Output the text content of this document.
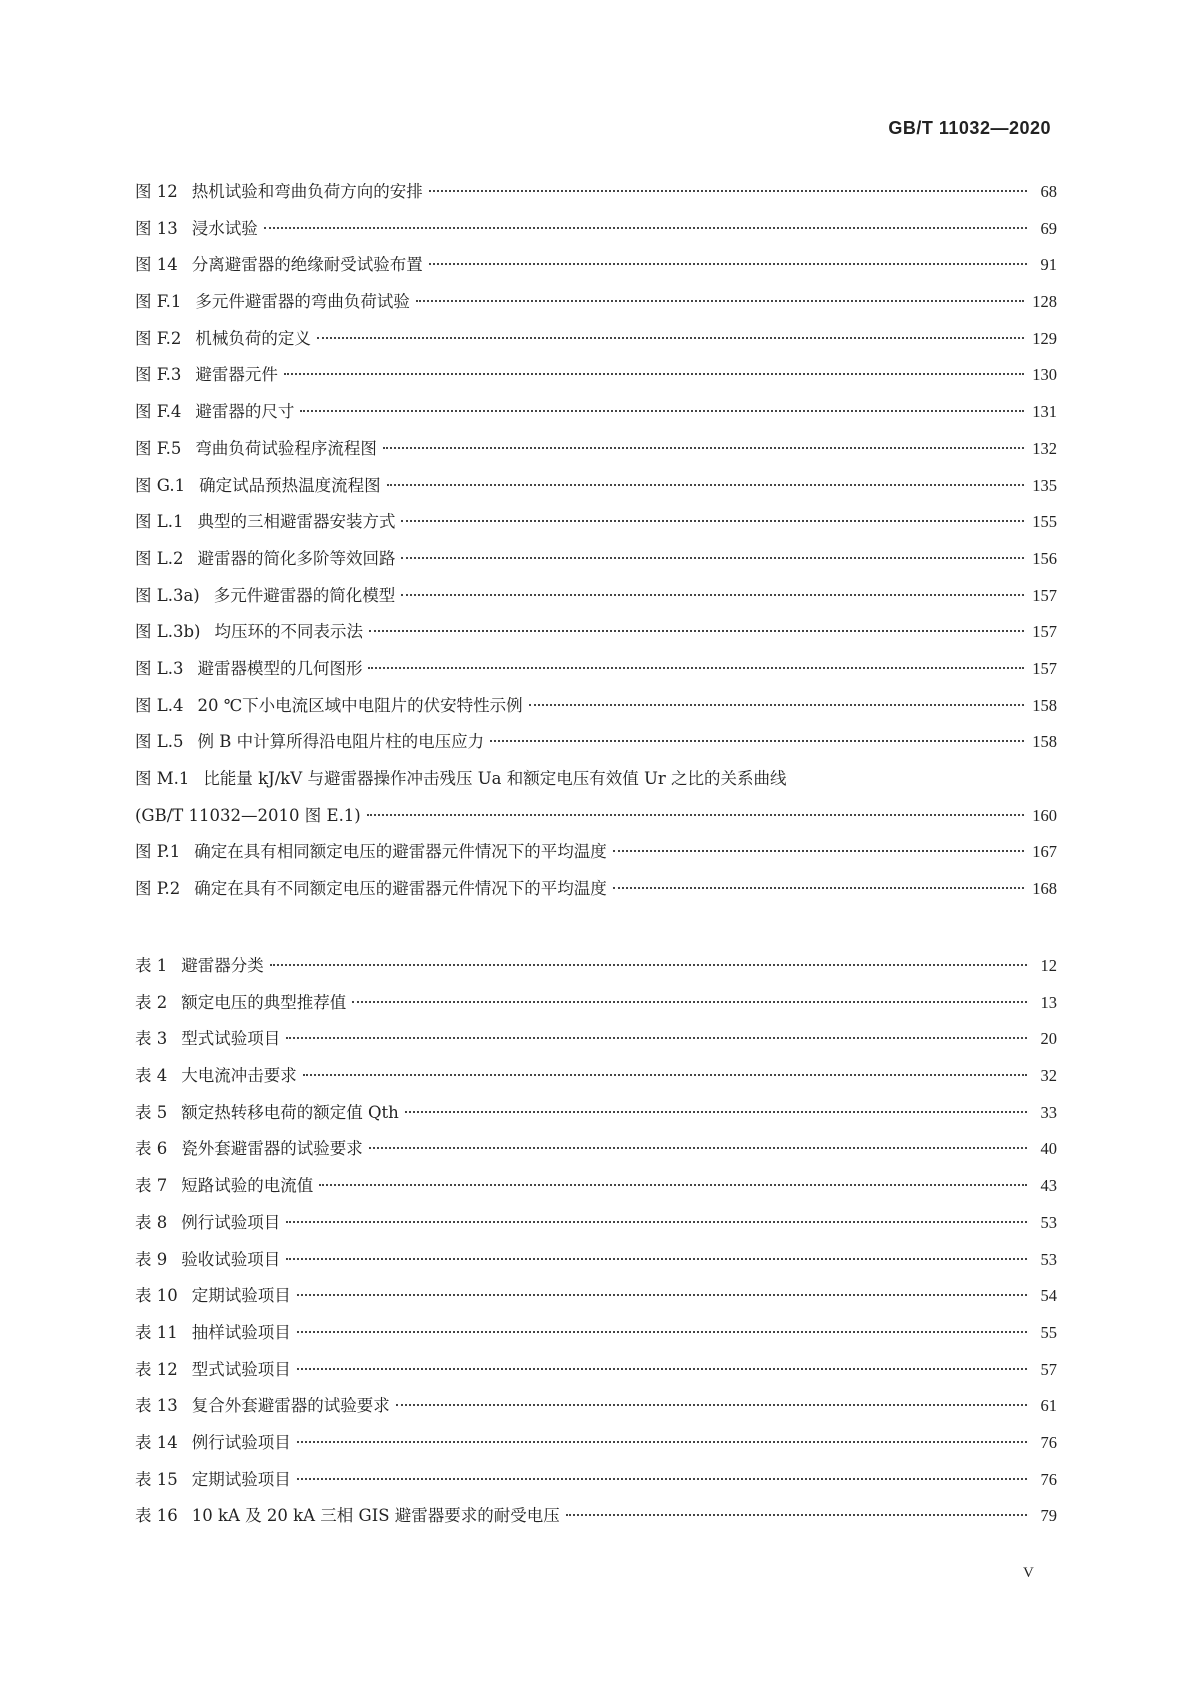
GB/T 11032—2020
图 12 热机试验和弯曲负荷方向的安排	68
图 13 浸水试验	69
图 14 分离避雷器的绝缘耐受试验布置	91
图 F.1 多元件避雷器的弯曲负荷试验	128
图 F.2 机械负荷的定义	129
图 F.3 避雷器元件	130
图 F.4 避雷器的尺寸	131
图 F.5 弯曲负荷试验程序流程图	132
图 G.1 确定试品预热温度流程图	135
图 L.1 典型的三相避雷器安装方式	155
图 L.2 避雷器的简化多阶等效回路	156
图 L.3a) 多元件避雷器的简化模型	157
图 L.3b) 均压环的不同表示法	157
图 L.3 避雷器模型的几何图形	157
图 L.4 20 ℃下小电流区域中电阻片的伏安特性示例	158
图 L.5 例 B 中计算所得沿电阻片柱的电压应力	158
图 M.1 比能量 kJ/kV 与避雷器操作冲击残压 Ua 和额定电压有效值 Ur 之比的关系曲线
(GB/T 11032—2010 图 E.1)	160
图 P.1 确定在具有相同额定电压的避雷器元件情况下的平均温度	167
图 P.2 确定在具有不同额定电压的避雷器元件情况下的平均温度	168
表 1 避雷器分类	12
表 2 额定电压的典型推荐值	13
表 3 型式试验项目	20
表 4 大电流冲击要求	32
表 5 额定热转移电荷的额定值 Qth	33
表 6 瓷外套避雷器的试验要求	40
表 7 短路试验的电流值	43
表 8 例行试验项目	53
表 9 验收试验项目	53
表 10 定期试验项目	54
表 11 抽样试验项目	55
表 12 型式试验项目	57
表 13 复合外套避雷器的试验要求	61
表 14 例行试验项目	76
表 15 定期试验项目	76
表 16 10 kA 及 20 kA 三相 GIS 避雷器要求的耐受电压	79
V
